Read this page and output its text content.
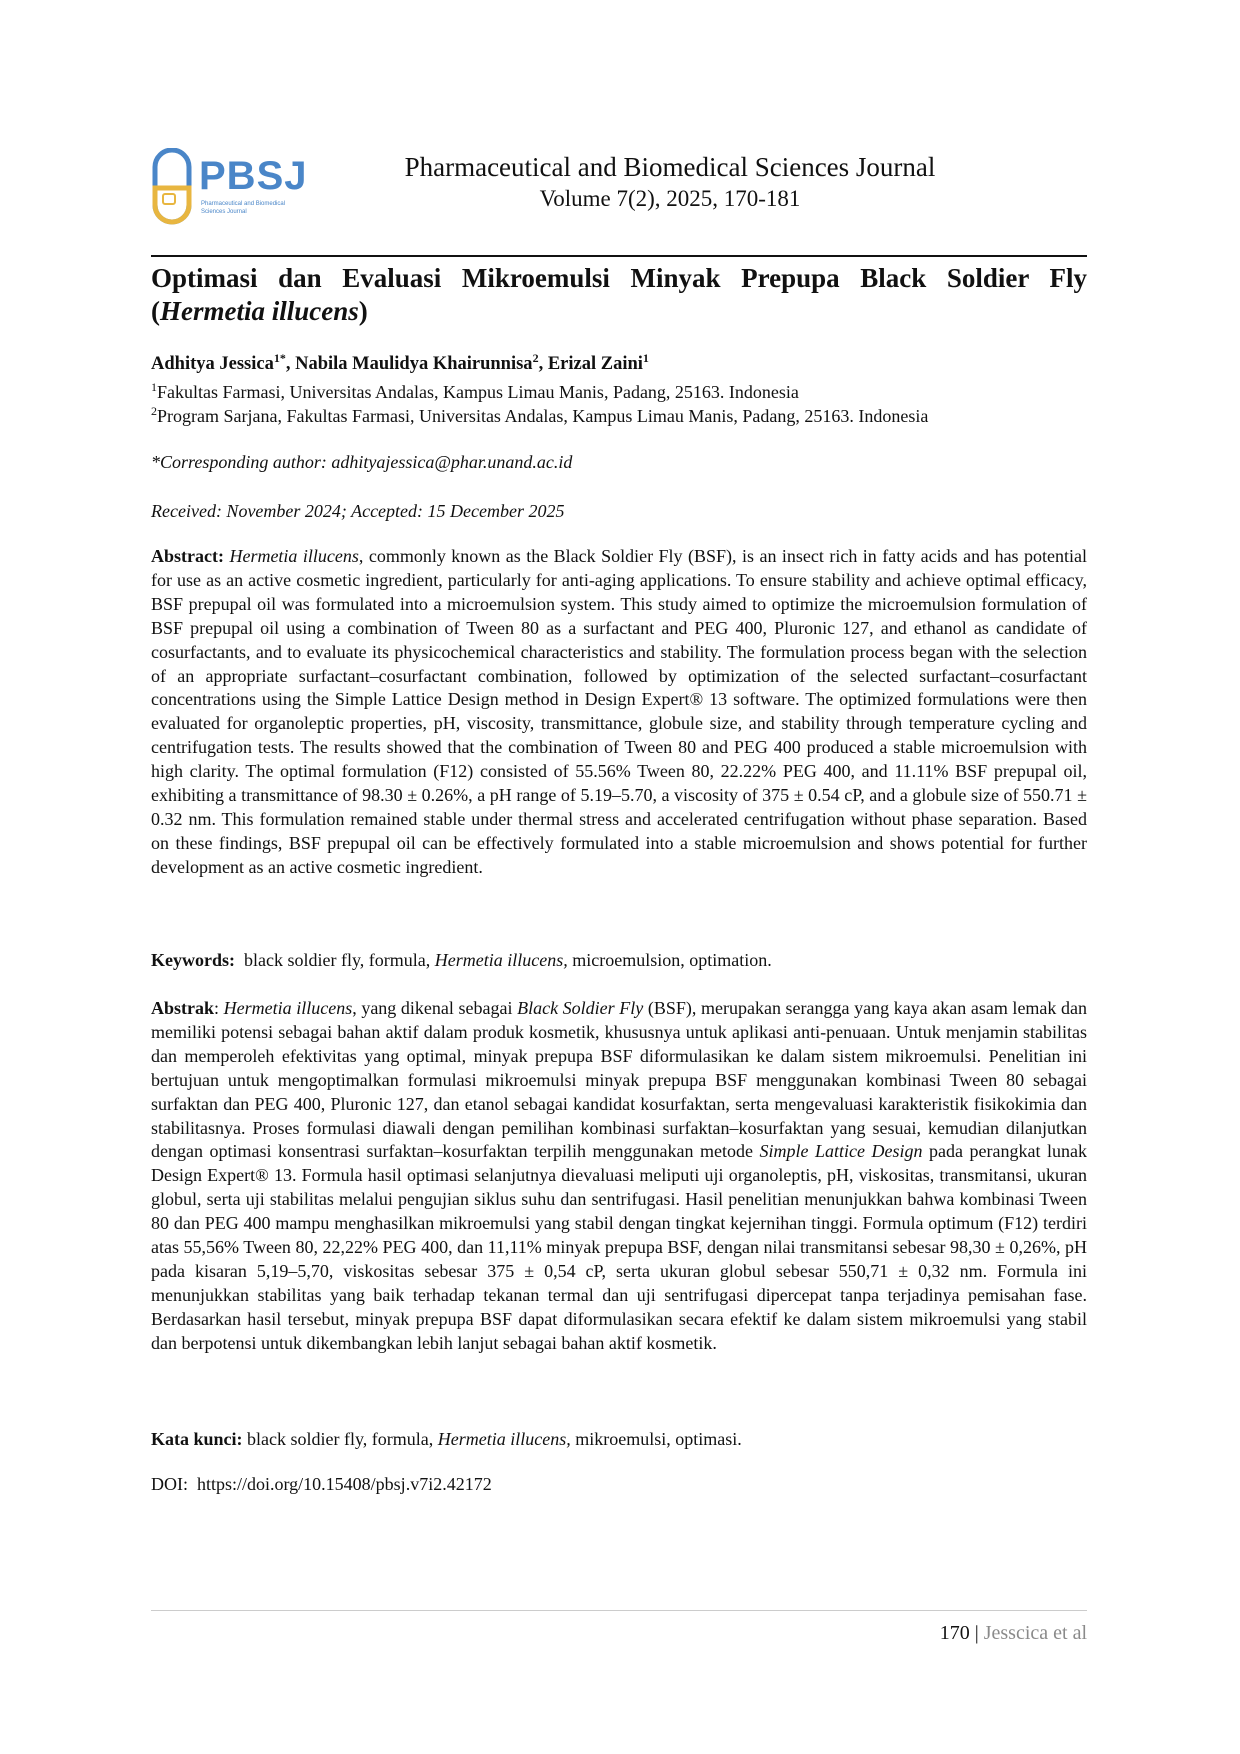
PBSJ
Pharmaceutical and Biomedical Sciences Journal
Pharmaceutical and Biomedical Sciences Journal
Volume 7(2), 2025, 170-181
Optimasi dan Evaluasi Mikroemulsi Minyak Prepupa Black Soldier Fly (Hermetia illucens)
Adhitya Jessica$^{1*}$, Nabila Maulidya Khairunnisa$^2$, Erizal Zaini$^1$
$^1$Fakultas Farmasi, Universitas Andalas, Kampus Limau Manis, Padang, 25163. Indonesia
$^2$Program Sarjana, Fakultas Farmasi, Universitas Andalas, Kampus Limau Manis, Padang, 25163. Indonesia
*Corresponding author: adhityajessica@phar.unand.ac.id
Received: November 2024; Accepted: 15 December 2025
Abstract: Hermetia illucens, commonly known as the Black Soldier Fly (BSF), is an insect rich in fatty acids and has potential for use as an active cosmetic ingredient, particularly for anti-aging applications. To ensure stability and achieve optimal efficacy, BSF prepupal oil was formulated into a microemulsion system. This study aimed to optimize the microemulsion formulation of BSF prepupal oil using a combination of Tween 80 as a surfactant and PEG 400, Pluronic 127, and ethanol as candidate of cosurfactants, and to evaluate its physicochemical characteristics and stability. The formulation process began with the selection of an appropriate surfactant–cosurfactant combination, followed by optimization of the selected surfactant–cosurfactant concentrations using the Simple Lattice Design method in Design Expert® 13 software. The optimized formulations were then evaluated for organoleptic properties, pH, viscosity, transmittance, globule size, and stability through temperature cycling and centrifugation tests. The results showed that the combination of Tween 80 and PEG 400 produced a stable microemulsion with high clarity. The optimal formulation (F12) consisted of 55.56% Tween 80, 22.22% PEG 400, and 11.11% BSF prepupal oil, exhibiting a transmittance of 98.30 ± 0.26%, a pH range of 5.19–5.70, a viscosity of 375 ± 0.54 cP, and a globule size of 550.71 ± 0.32 nm. This formulation remained stable under thermal stress and accelerated centrifugation without phase separation. Based on these findings, BSF prepupal oil can be effectively formulated into a stable microemulsion and shows potential for further development as an active cosmetic ingredient.
Keywords: black soldier fly, formula, Hermetia illucens, microemulsion, optimation.
Abstrak: Hermetia illucens, yang dikenal sebagai Black Soldier Fly (BSF), merupakan serangga yang kaya akan asam lemak dan memiliki potensi sebagai bahan aktif dalam produk kosmetik, khususnya untuk aplikasi anti-penuaan. Untuk menjamin stabilitas dan memperoleh efektivitas yang optimal, minyak prepupa BSF diformulasikan ke dalam sistem mikroemulsi. Penelitian ini bertujuan untuk mengoptimalkan formulasi mikroemulsi minyak prepupa BSF menggunakan kombinasi Tween 80 sebagai surfaktan dan PEG 400, Pluronic 127, dan etanol sebagai kandidat kosurfaktan, serta mengevaluasi karakteristik fisikokimia dan stabilitasnya. Proses formulasi diawali dengan pemilihan kombinasi surfaktan–kosurfaktan yang sesuai, kemudian dilanjutkan dengan optimasi konsentrasi surfaktan–kosurfaktan terpilih menggunakan metode Simple Lattice Design pada perangkat lunak Design Expert® 13. Formula hasil optimasi selanjutnya dievaluasi meliputi uji organoleptis, pH, viskositas, transmitansi, ukuran globul, serta uji stabilitas melalui pengujian siklus suhu dan sentrifugasi. Hasil penelitian menunjukkan bahwa kombinasi Tween 80 dan PEG 400 mampu menghasilkan mikroemulsi yang stabil dengan tingkat kejernihan tinggi. Formula optimum (F12) terdiri atas 55,56% Tween 80, 22,22% PEG 400, dan 11,11% minyak prepupa BSF, dengan nilai transmitansi sebesar 98,30 ± 0,26%, pH pada kisaran 5,19–5,70, viskositas sebesar 375 ± 0,54 cP, serta ukuran globul sebesar 550,71 ± 0,32 nm. Formula ini menunjukkan stabilitas yang baik terhadap tekanan termal dan uji sentrifugasi dipercepat tanpa terjadinya pemisahan fase. Berdasarkan hasil tersebut, minyak prepupa BSF dapat diformulasikan secara efektif ke dalam sistem mikroemulsi yang stabil dan berpotensi untuk dikembangkan lebih lanjut sebagai bahan aktif kosmetik.
Kata kunci: black soldier fly, formula, Hermetia illucens, mikroemulsi, optimasi.
DOI: https://doi.org/10.15408/pbsj.v7i2.42172
170 | Jesscica et al
